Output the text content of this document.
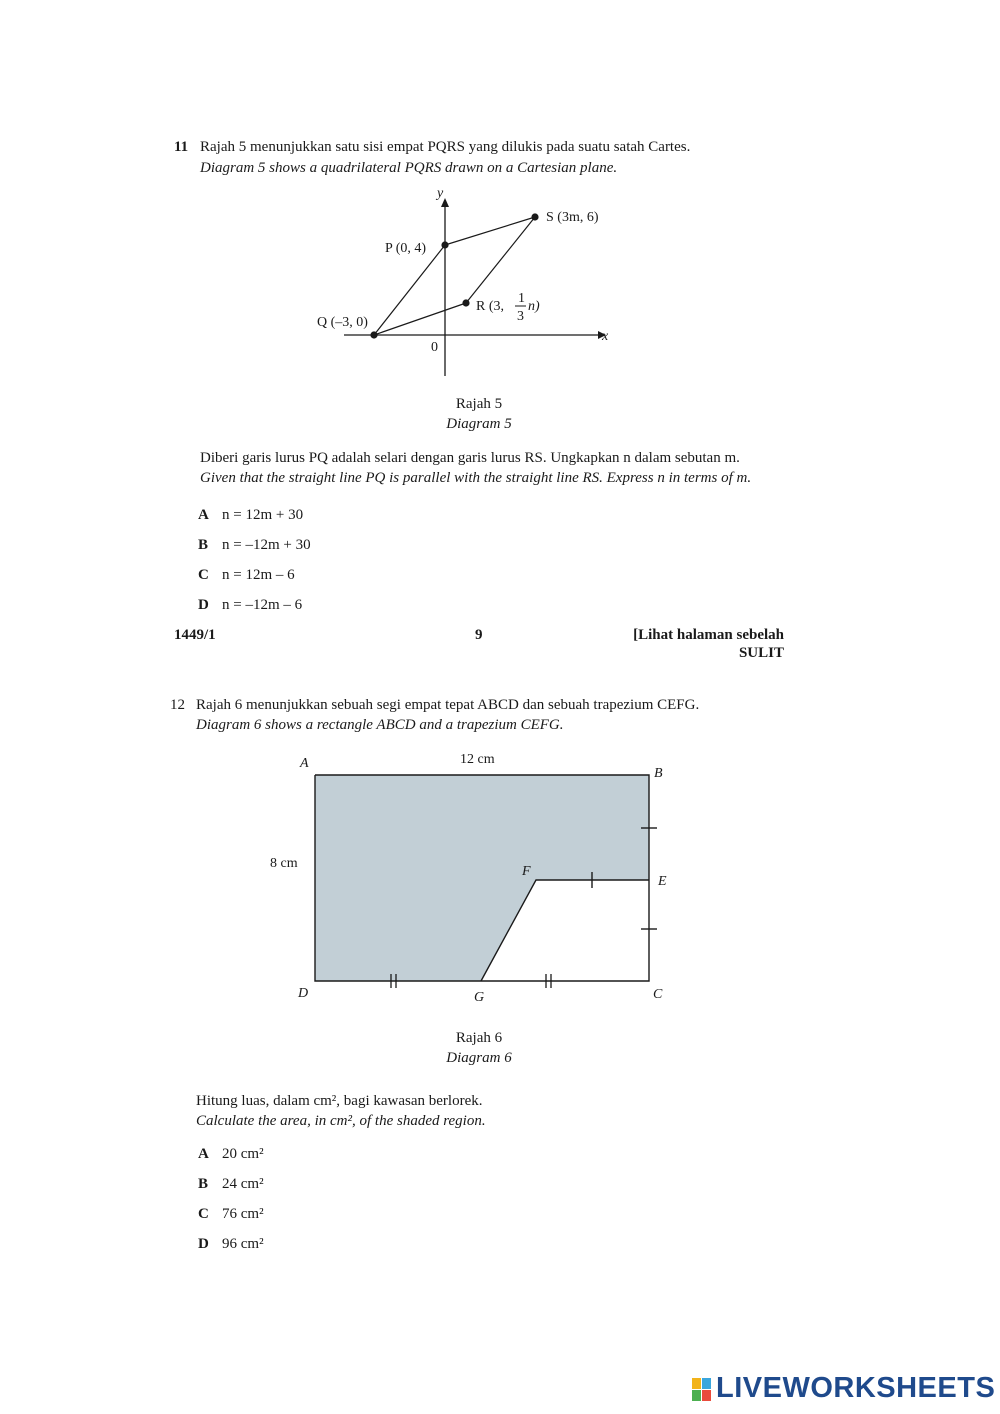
11 Rajah 5 menunjukkan satu sisi empat PQRS yang dilukis pada suatu satah Cartes.
Diagram 5 shows a quadrilateral PQRS drawn on a Cartesian plane.
y
x
0
P (0, 4)
Q (–3, 0)
R (3,
1
3
n)
S (3m, 6)
Rajah 5
Diagram 5
Diberi garis lurus PQ adalah selari dengan garis lurus RS. Ungkapkan n dalam sebutan m.
Given that the straight line PQ is parallel with the straight line RS. Express n in terms of m.
A n = 12m + 30
B n = –12m + 30
C n = 12m – 6
D n = –12m – 6
1449/1	9	[Lihat halaman sebelah
SULIT
12 Rajah 6 menunjukkan sebuah segi empat tepat ABCD dan sebuah trapezium CEFG.
Diagram 6 shows a rectangle ABCD and a trapezium CEFG.
A
B
C
D
E
F
G
12 cm
8 cm
Rajah 6
Diagram 6
Hitung luas, dalam cm², bagi kawasan berlorek.
Calculate the area, in cm², of the shaded region.
A 20 cm²
B 24 cm²
C 76 cm²
D 96 cm²
LIVEWORKSHEETS
